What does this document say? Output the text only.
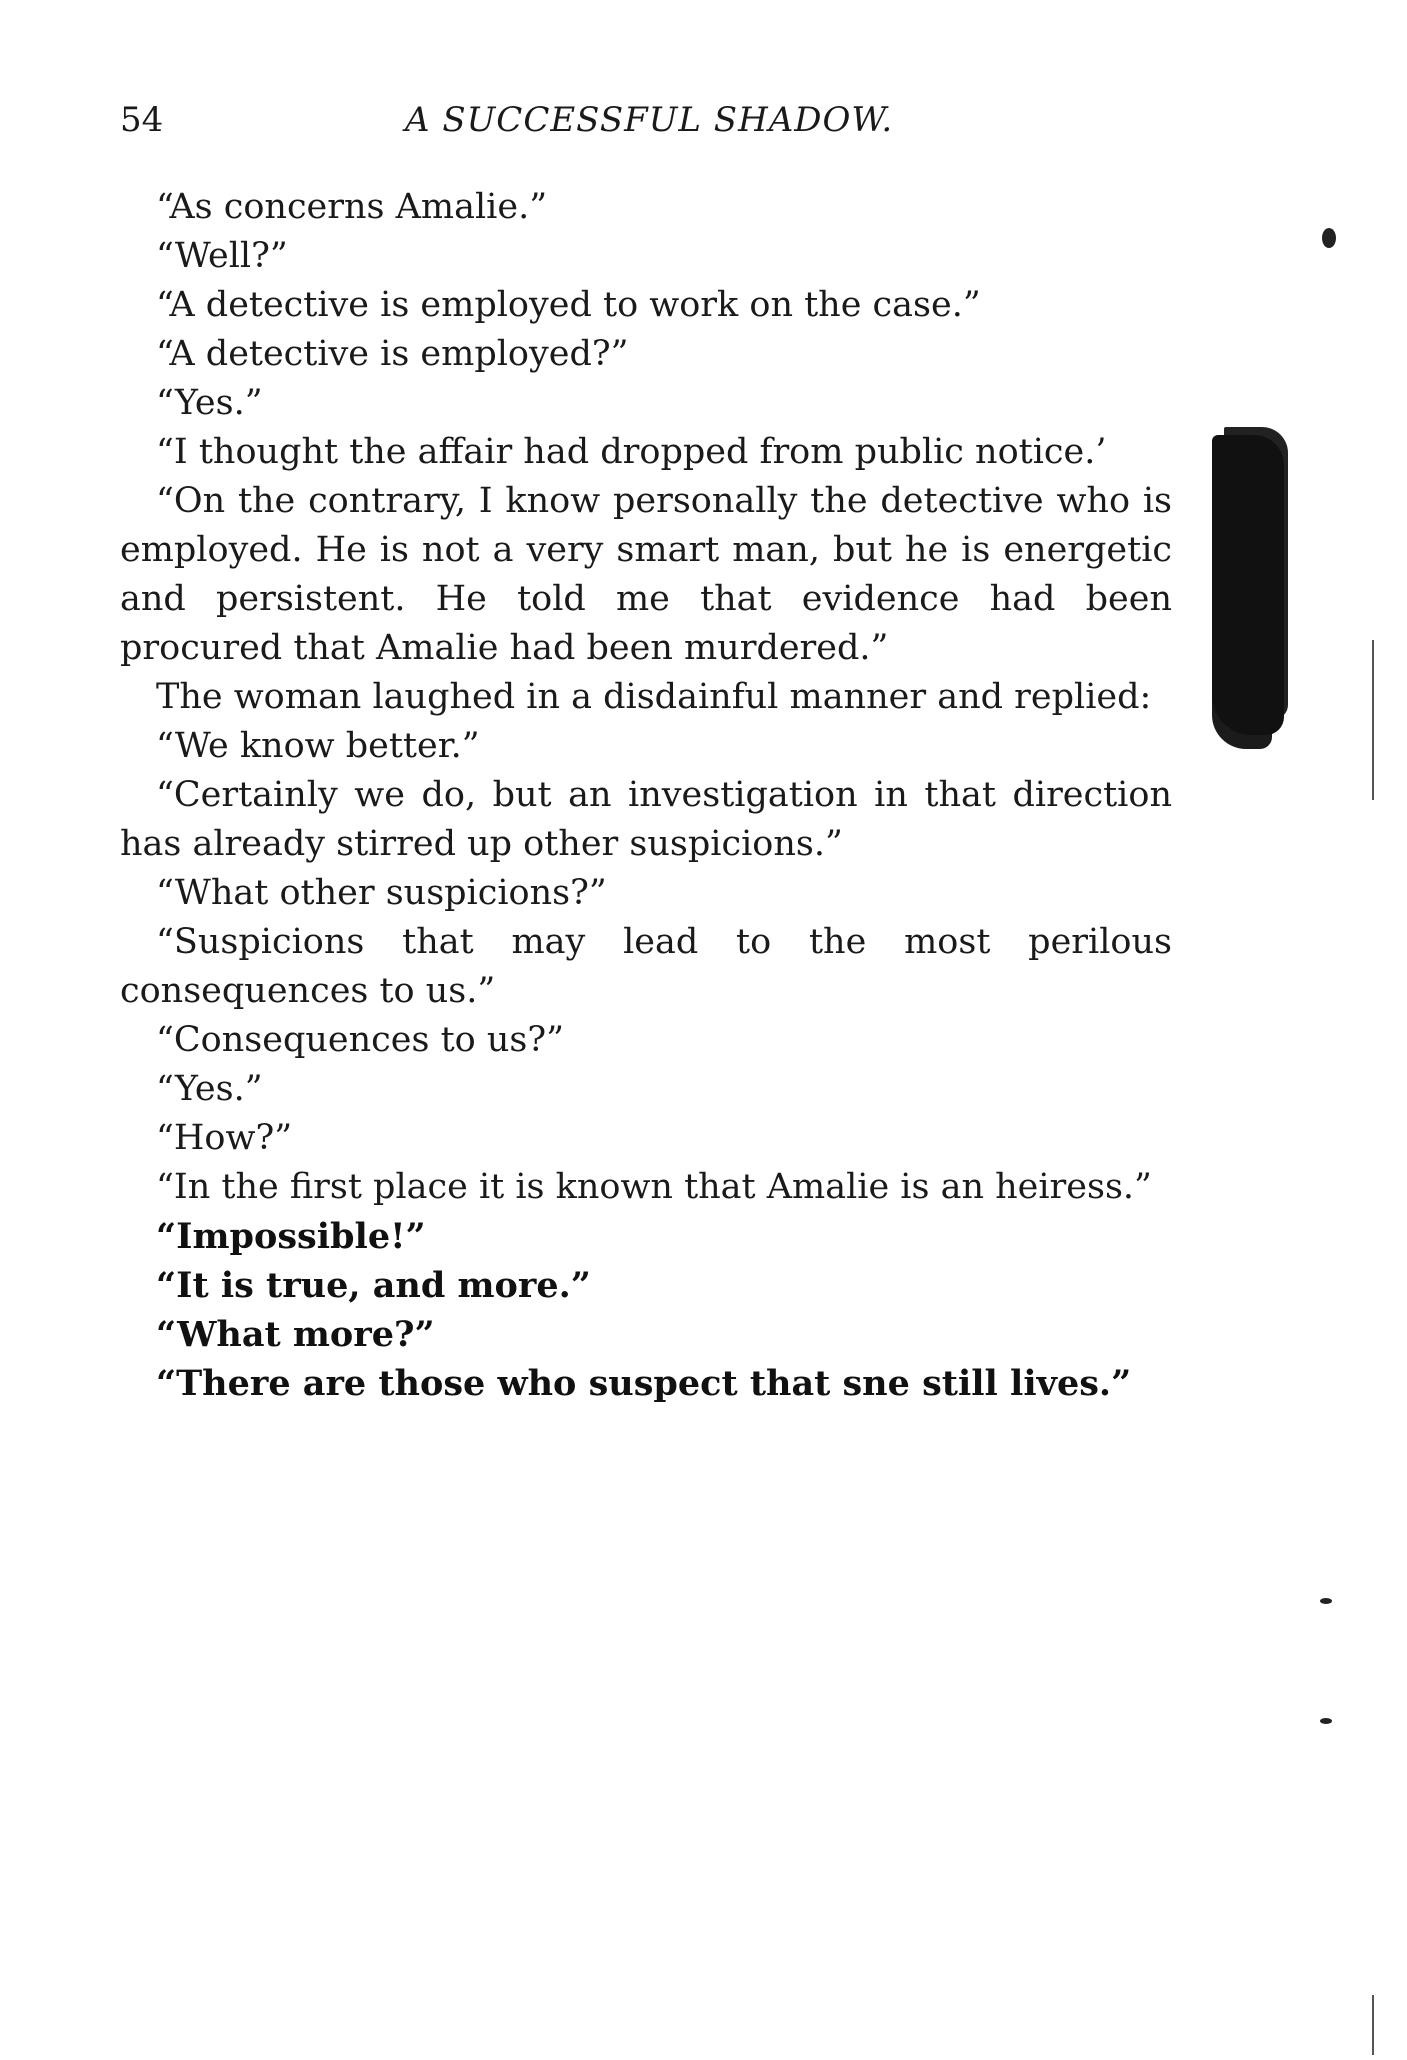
54	A SUCCESSFUL SHADOW.

“As concerns Amalie.”

“Well?”

“A detective is employed to work on the case.”

“A detective is employed?”

“Yes.”

“I thought the affair had dropped from public notice.’

“On the contrary, I know personally the detective who is employed. He is not a very smart man, but he is energetic and persistent. He told me that evidence had been procured that Amalie had been murdered.”

The woman laughed in a disdainful manner and replied:

“We know better.”

“Certainly we do, but an investigation in that direction has already stirred up other suspicions.”

“What other suspicions?”

“Suspicions that may lead to the most perilous consequences to us.”

“Consequences to us?”

“Yes.”

“How?”

“In the first place it is known that Amalie is an heiress.”

“Impossible!”

“It is true, and more.”

“What more?”

“There are those who suspect that sne still lives.”
